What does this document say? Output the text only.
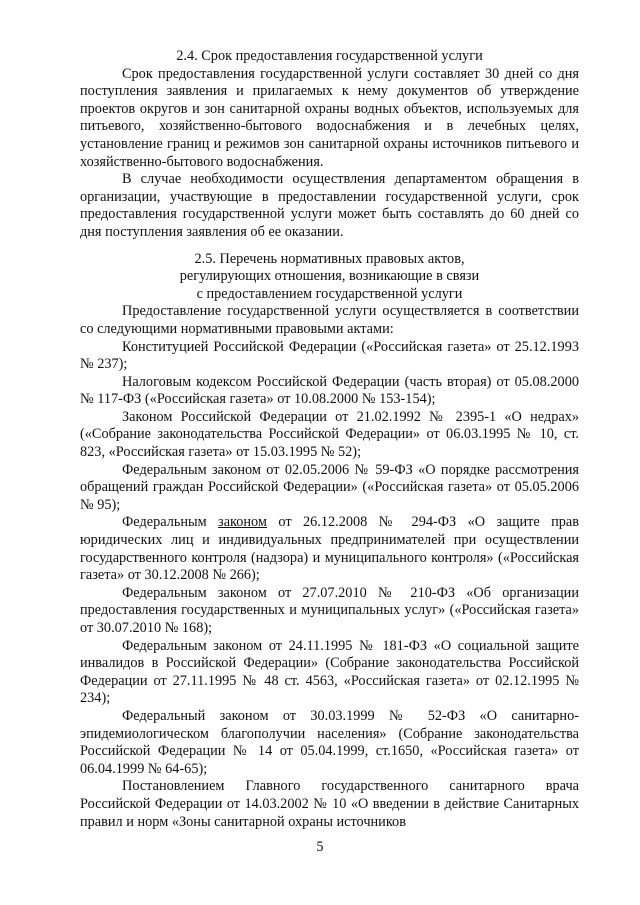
2.4. Срок предоставления государственной услуги

Срок предоставления государственной услуги составляет 30 дней со дня поступления заявления и прилагаемых к нему документов об утверждение проектов округов и зон санитарной охраны водных объектов, используемых для питьевого, хозяйственно-бытового водоснабжения и в лечебных целях, установление границ и режимов зон санитарной охраны источников питьевого и хозяйственно-бытового водоснабжения.

В случае необходимости осуществления департаментом обращения в организации, участвующие в предоставлении государственной услуги, срок предоставления государственной услуги может быть составлять до 60 дней со дня поступления заявления об ее оказании.

2.5. Перечень нормативных правовых актов,
регулирующих отношения, возникающие в связи
с предоставлением государственной услуги

Предоставление государственной услуги осуществляется в соответствии со следующими нормативными правовыми актами:

Конституцией Российской Федерации («Российская газета» от 25.12.1993 № 237);

Налоговым кодексом Российской Федерации (часть вторая) от 05.08.2000 № 117-ФЗ («Российская газета» от 10.08.2000 № 153-154);

Законом Российской Федерации от 21.02.1992 № 2395-1 «О недрах» («Собрание законодательства Российской Федерации» от 06.03.1995 № 10, ст. 823, «Российская газета» от 15.03.1995 № 52);

Федеральным законом от 02.05.2006 № 59-ФЗ «О порядке рассмотрения обращений граждан Российской Федерации» («Российская газета» от 05.05.2006 № 95);

Федеральным законом от 26.12.2008 № 294-ФЗ «О защите прав юридических лиц и индивидуальных предпринимателей при осуществлении государственного контроля (надзора) и муниципального контроля» («Российская газета» от 30.12.2008 № 266);

Федеральным законом от 27.07.2010 № 210-ФЗ «Об организации предоставления государственных и муниципальных услуг» («Российская газета» от 30.07.2010 № 168);

Федеральным законом от 24.11.1995 № 181-ФЗ «О социальной защите инвалидов в Российской Федерации» (Собрание законодательства Российской Федерации от 27.11.1995 № 48 ст. 4563, «Российская газета» от 02.12.1995 № 234);

Федеральный законом от 30.03.1999 № 52-ФЗ «О санитарно-эпидемиологическом благополучии населения» (Собрание законодательства Российской Федерации № 14 от 05.04.1999, ст.1650, «Российская газета» от 06.04.1999 № 64-65);

Постановлением Главного государственного санитарного врача Российской Федерации от 14.03.2002 № 10 «О введении в действие Санитарных правил и норм «Зоны санитарной охраны источников

5
